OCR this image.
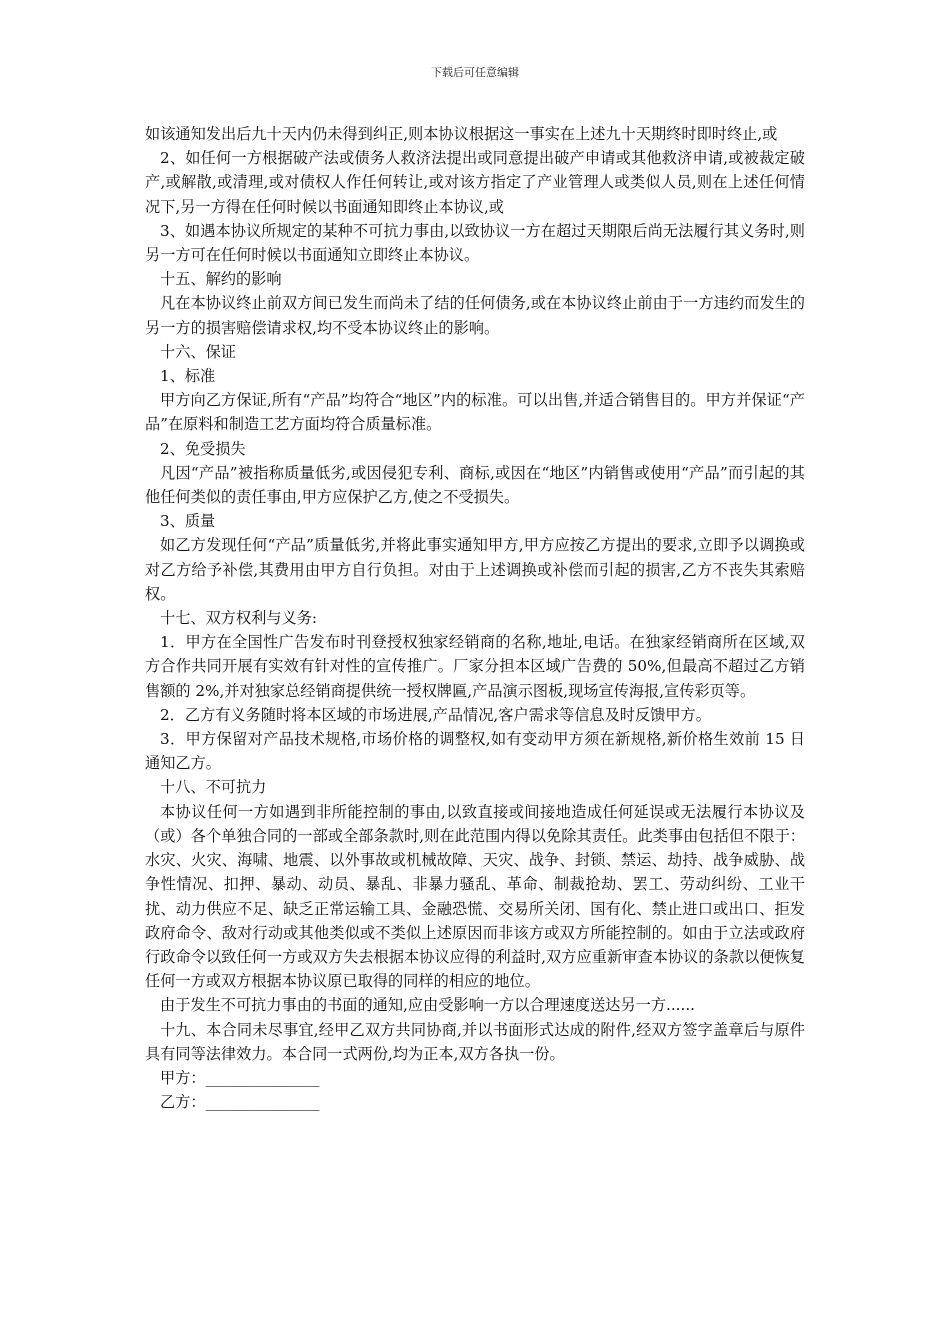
下载后可任意编辑

如该通知发出后九十天内仍未得到纠正,则本协议根据这一事实在上述九十天期终时即时终止,或

2、如任何一方根据破产法或债务人救济法提出或同意提出破产申请或其他救济申请,或被裁定破产,或解散,或清理,或对债权人作任何转让,或对该方指定了产业管理人或类似人员,则在上述任何情况下,另一方得在任何时候以书面通知即终止本协议,或

3、如遇本协议所规定的某种不可抗力事由,以致协议一方在超过天期限后尚无法履行其义务时,则另一方可在任何时候以书面通知立即终止本协议。

十五、解约的影响

凡在本协议终止前双方间已发生而尚未了结的任何债务,或在本协议终止前由于一方违约而发生的另一方的损害赔偿请求权,均不受本协议终止的影响。

十六、保证

1、标准

甲方向乙方保证,所有“产品”均符合“地区”内的标准。可以出售,并适合销售目的。甲方并保证“产品”在原料和制造工艺方面均符合质量标准。

2、免受损失

凡因“产品”被指称质量低劣,或因侵犯专利、商标,或因在“地区”内销售或使用“产品”而引起的其他任何类似的责任事由,甲方应保护乙方,使之不受损失。

3、质量

如乙方发现任何“产品”质量低劣,并将此事实通知甲方,甲方应按乙方提出的要求,立即予以调换或对乙方给予补偿,其费用由甲方自行负担。对由于上述调换或补偿而引起的损害,乙方不丧失其索赔权。

十七、双方权利与义务:

1．甲方在全国性广告发布时刊登授权独家经销商的名称,地址,电话。在独家经销商所在区域,双方合作共同开展有实效有针对性的宣传推广。厂家分担本区域广告费的 50%,但最高不超过乙方销售额的 2%,并对独家总经销商提供统一授权牌匾,产品演示图板,现场宣传海报,宣传彩页等。

2．乙方有义务随时将本区域的市场进展,产品情况,客户需求等信息及时反馈甲方。

3．甲方保留对产品技术规格,市场价格的调整权,如有变动甲方须在新规格,新价格生效前 15 日通知乙方。

十八、不可抗力

本协议任何一方如遇到非所能控制的事由,以致直接或间接地造成任何延误或无法履行本协议及（或）各个单独合同的一部或全部条款时,则在此范围内得以免除其责任。此类事由包括但不限于：水灾、火灾、海啸、地震、以外事故或机械故障、天灾、战争、封锁、禁运、劫持、战争威胁、战争性情况、扣押、暴动、动员、暴乱、非暴力骚乱、革命、制裁抢劫、罢工、劳动纠纷、工业干扰、动力供应不足、缺乏正常运输工具、金融恐慌、交易所关闭、国有化、禁止进口或出口、拒发政府命令、敌对行动或其他类似或不类似上述原因而非该方或双方所能控制的。如由于立法或政府行政命令以致任何一方或双方失去根据本协议应得的利益时,双方应重新审查本协议的条款以便恢复任何一方或双方根据本协议原已取得的同样的相应的地位。

由于发生不可抗力事由的书面的通知,应由受影响一方以合理速度送达另一方......

十九、本合同未尽事宜,经甲乙双方共同协商,并以书面形式达成的附件,经双方签字盖章后与原件具有同等法律效力。本合同一式两份,均为正本,双方各执一份。

甲方：_______________

乙方：_______________
